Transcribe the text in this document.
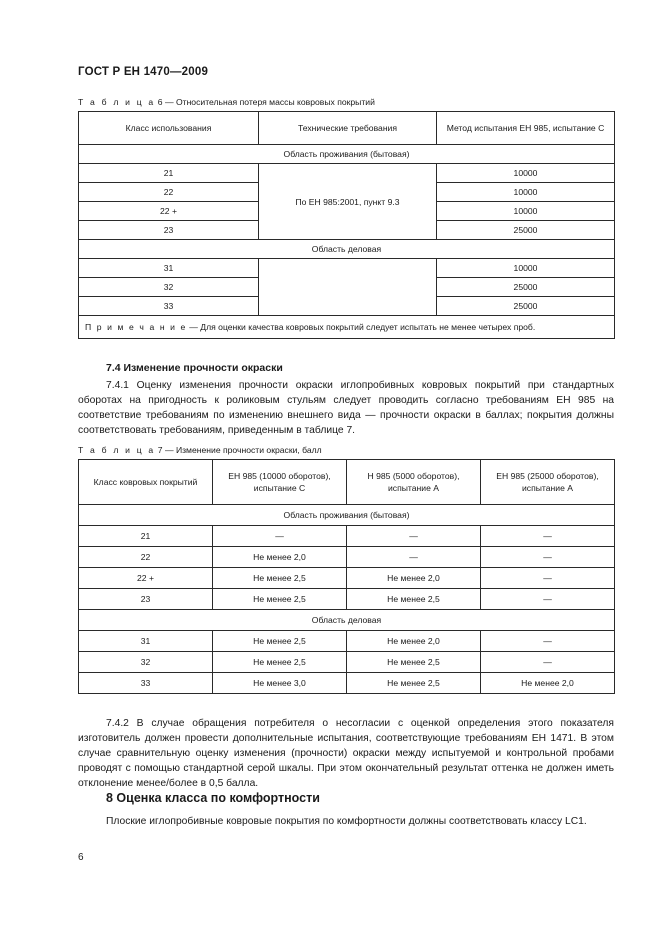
ГОСТ Р ЕН 1470—2009
Т а б л и ц а 6 — Относительная потеря массы ковровых покрытий
Класс использования	Технические требования	Метод испытания ЕН 985, испытание С
Область проживания (бытовая)		
21	По ЕН 985:2001, пункт 9.3	10000
22		10000
22 +		10000
23		25000
Область деловая		
31		10000
32		25000
33		25000
П р и м е ч а н и е — Для оценки качества ковровых покрытий следует испытать не менее четырех проб.		
7.4 Изменение прочности окраски

7.4.1 Оценку изменения прочности окраски иглопробивных ковровых покрытий при стандартных оборотах на пригодность к роликовым стульям следует проводить согласно требованиям ЕН 985 на соответствие требованиям по изменению внешнего вида — прочности окраски в баллах; покрытия должны соответствовать требованиям, приведенным в таблице 7.

Т а б л и ц а 7 — Изменение прочности окраски, балл
Класс ковровых покрытий	ЕН 985 (10000 оборотов), испытание С	Н 985 (5000 оборотов), испытание А	ЕН 985 (25000 оборотов), испытание А
Область проживания (бытовая)			
21	—	—	—
22	Не менее 2,0	—	—
22 +	Не менее 2,5	Не менее 2,0	—
23	Не менее 2,5	Не менее 2,5	—
Область деловая			
31	Не менее 2,5	Не менее 2,0	—
32	Не менее 2,5	Не менее 2,5	—
33	Не менее 3,0	Не менее 2,5	Не менее 2,0

7.4.2 В случае обращения потребителя о несогласии с оценкой определения этого показателя изготовитель должен провести дополнительные испытания, соответствующие требованиям ЕН 1471. В этом случае сравнительную оценку изменения (прочности) окраски между испытуемой и контрольной пробами проводят с помощью стандартной серой шкалы. При этом окончательный результат оттенка не должен иметь отклонение менее/более в 0,5 балла.

8 Оценка класса по комфортности

Плоские иглопробивные ковровые покрытия по комфортности должны соответствовать классу LC1.

6
